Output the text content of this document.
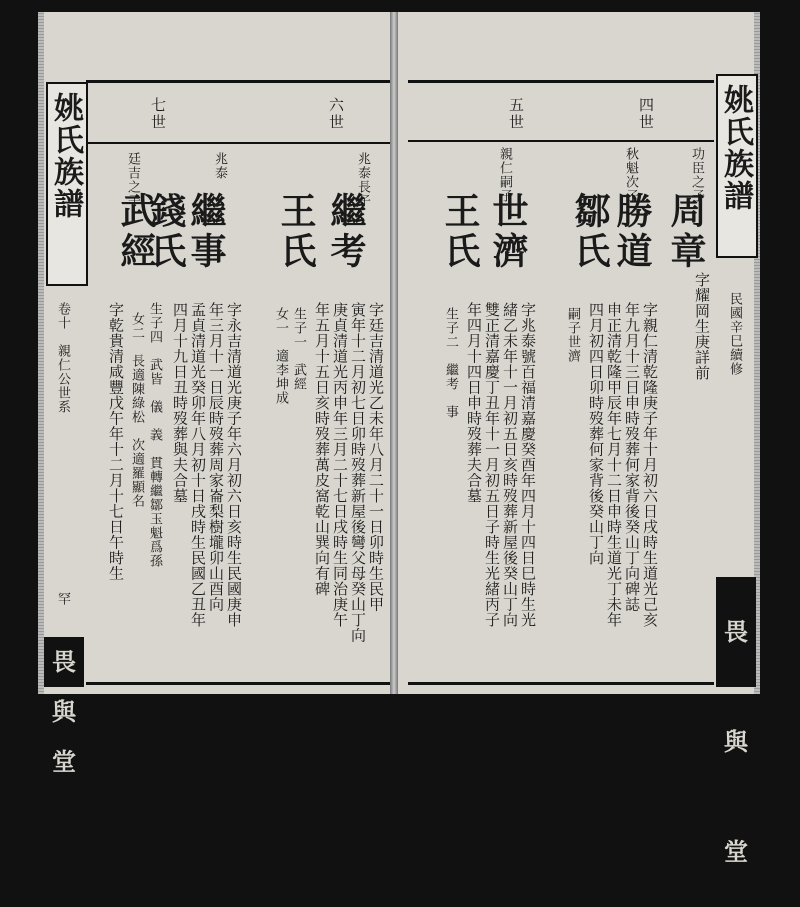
姚氏族譜
卷十　親仁公世系
罕
畏與堂
七世	六世
廷吉之子
武經
字乾貴清咸豐戊午年十二月十七日午時生
兆泰
繼事
錢氏
字永吉清道光庚子年六月初六日亥時生民國庚申
年三月十一日辰時歿葬周家崙梨樹壠卯山酉向
孟貞清道光癸卯年八月初十日戌時生民國乙丑年
四月十九日丑時歿葬與夫合墓
生子四　武皆　儀　義　貫轉繼鄒玉魁爲孫
女二　長適陳綠松　次適羅顯名
兆泰長子
繼考
王氏
字廷吉清道光乙未年八月二十一日卯時生民甲
寅年十二月初七日卯時歿葬新屋後彎父母癸山丁向
庚貞清道光丙申年三月二十七日戌時生同治庚午
年五月十五日亥時歿葬萬皮窩乾山巽向有碑
生子一　武經
女一　適李坤成
姚氏族譜
民國辛巳續修
畏與堂
五世	四世
親仁嗣子
世濟
王氏
字兆泰號百福清嘉慶癸酉年四月十四日巳時生光
緒乙未年十一月初五日亥時歿葬新屋後癸山丁向
雙正清嘉慶丁丑年十一月初五日子時生光緒丙子
年四月十四日申時歿葬夫合墓
生子二　繼考　事
秋魁次子
勝道
鄒氏
字親仁清乾隆庚子年十月初六日戌時生道光己亥
年九月十三日申時歿葬何家背後癸山丁向碑誌
申正清乾隆甲辰年七月十二日申時生道光丁未年
四月初四日卯時歿葬何家背後癸山丁向
嗣子世濟
功臣之子
周章
字耀岡生庚詳前
